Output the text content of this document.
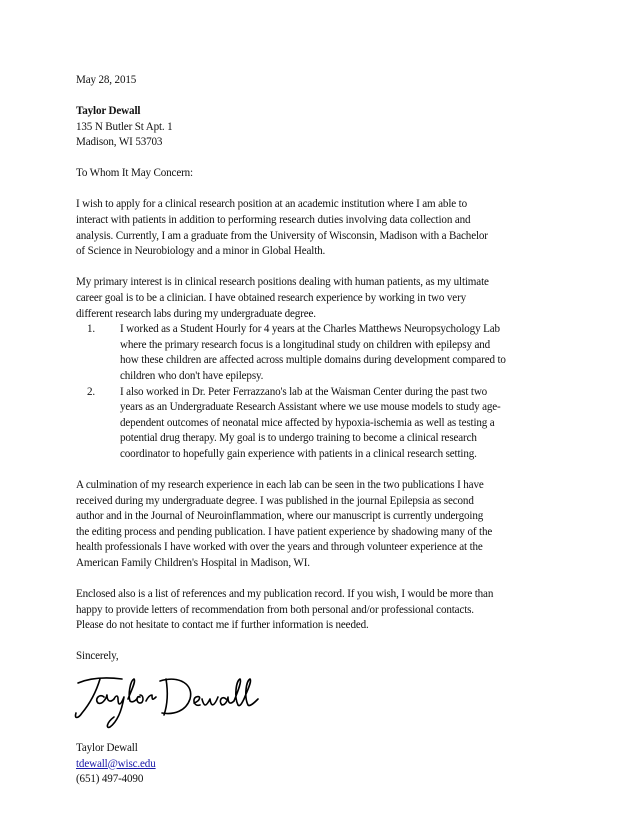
May 28, 2015

Taylor Dewall

135 N Butler St Apt. 1

Madison, WI 53703

To Whom It May Concern:

I wish to apply for a clinical research position at an academic institution where I am able to

interact with patients in addition to performing research duties involving data collection and

analysis. Currently, I am a graduate from the University of Wisconsin, Madison with a Bachelor

of Science in Neurobiology and a minor in Global Health.

My primary interest is in clinical research positions dealing with human patients, as my ultimate

career goal is to be a clinician. I have obtained research experience by working in two very

different research labs during my undergraduate degree.

1. I worked as a Student Hourly for 4 years at the Charles Matthews Neuropsychology Lab

where the primary research focus is a longitudinal study on children with epilepsy and

how these children are affected across multiple domains during development compared to

children who don't have epilepsy.

2. I also worked in Dr. Peter Ferrazzano's lab at the Waisman Center during the past two

years as an Undergraduate Research Assistant where we use mouse models to study age-

dependent outcomes of neonatal mice affected by hypoxia-ischemia as well as testing a

potential drug therapy. My goal is to undergo training to become a clinical research

coordinator to hopefully gain experience with patients in a clinical research setting.

A culmination of my research experience in each lab can be seen in the two publications I have

received during my undergraduate degree. I was published in the journal Epilepsia as second

author and in the Journal of Neuroinflammation, where our manuscript is currently undergoing

the editing process and pending publication. I have patient experience by shadowing many of the

health professionals I have worked with over the years and through volunteer experience at the

American Family Children's Hospital in Madison, WI.

Enclosed also is a list of references and my publication record. If you wish, I would be more than

happy to provide letters of recommendation from both personal and/or professional contacts.

Please do not hesitate to contact me if further information is needed.

Sincerely,

Taylor Dewall

tdewall@wisc.edu

(651) 497-4090
